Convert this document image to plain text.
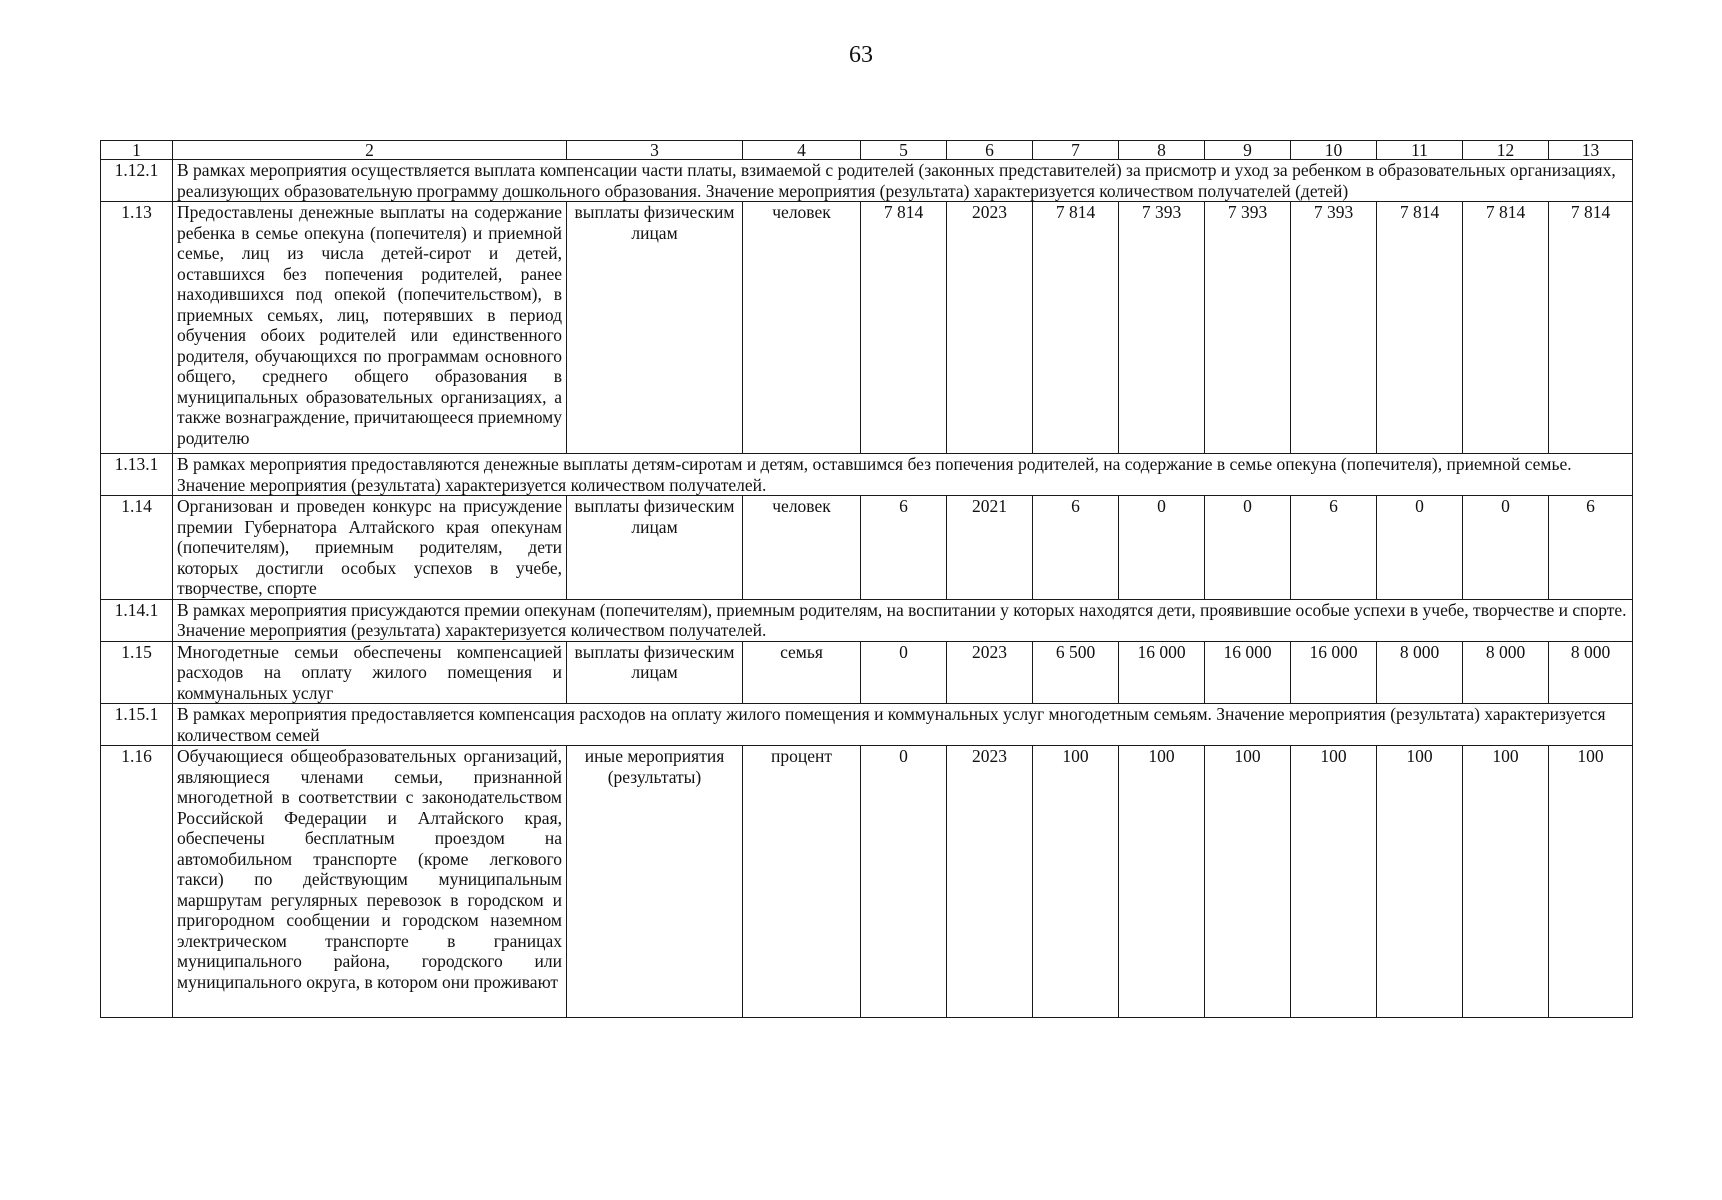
63
1	2	3	4	5	6	7	8	9	10	11	12	13
1.12.1	В рамках мероприятия осуществляется выплата компенсации части платы, взимаемой с родителей (законных представителей) за присмотр и уход за ребенком в образовательных организациях, реализующих образовательную программу дошкольного образования. Значение мероприятия (результата) характеризуется количеством получателей (детей)											
1.13	Предоставлены денежные выплаты на содержание ребенка в семье опекуна (попечителя) и приемной семье, лиц из числа детей-сирот и детей, оставшихся без попечения родителей, ранее находившихся под опекой (попечительством), в приемных семьях, лиц, потерявших в период обучения обоих родителей или единственного родителя, обучающихся по программам основного общего, среднего общего образования в муниципальных образовательных организациях, а также вознаграждение, причитающееся приемному родителю	выплаты физическим лицам	человек	7 814	2023	7 814	7 393	7 393	7 393	7 814	7 814	7 814
1.13.1	В рамках мероприятия предоставляются денежные выплаты детям-сиротам и детям, оставшимся без попечения родителей, на содержание в семье опекуна (попечителя), приемной семье. Значение мероприятия (результата) характеризуется количеством получателей.											
1.14	Организован и проведен конкурс на присуждение премии Губернатора Алтайского края опекунам (попечителям), приемным родителям, дети которых достигли особых успехов в учебе, творчестве, спорте	выплаты физическим лицам	человек	6	2021	6	0	0	6	0	0	6
1.14.1	В рамках мероприятия присуждаются премии опекунам (попечителям), приемным родителям, на воспитании у которых находятся дети, проявившие особые успехи в учебе, творчестве и спорте. Значение мероприятия (результата) характеризуется количеством получателей.											
1.15	Многодетные семьи обеспечены компенсацией расходов на оплату жилого помещения и коммунальных услуг	выплаты физическим лицам	семья	0	2023	6 500	16 000	16 000	16 000	8 000	8 000	8 000
1.15.1	В рамках мероприятия предоставляется компенсация расходов на оплату жилого помещения и коммунальных услуг многодетным семьям. Значение мероприятия (результата) характеризуется количеством семей											
1.16	Обучающиеся общеобразовательных организаций, являющиеся членами семьи, признанной многодетной в соответствии с законодательством Российской Федерации и Алтайского края, обеспечены бесплатным проездом на автомобильном транспорте (кроме легкового такси) по действующим муниципальным маршрутам регулярных перевозок в городском и пригородном сообщении и городском наземном электрическом транспорте в границах муниципального района, городского или муниципального округа, в котором они проживают	иные мероприятия (результаты)	процент	0	2023	100	100	100	100	100	100	100
